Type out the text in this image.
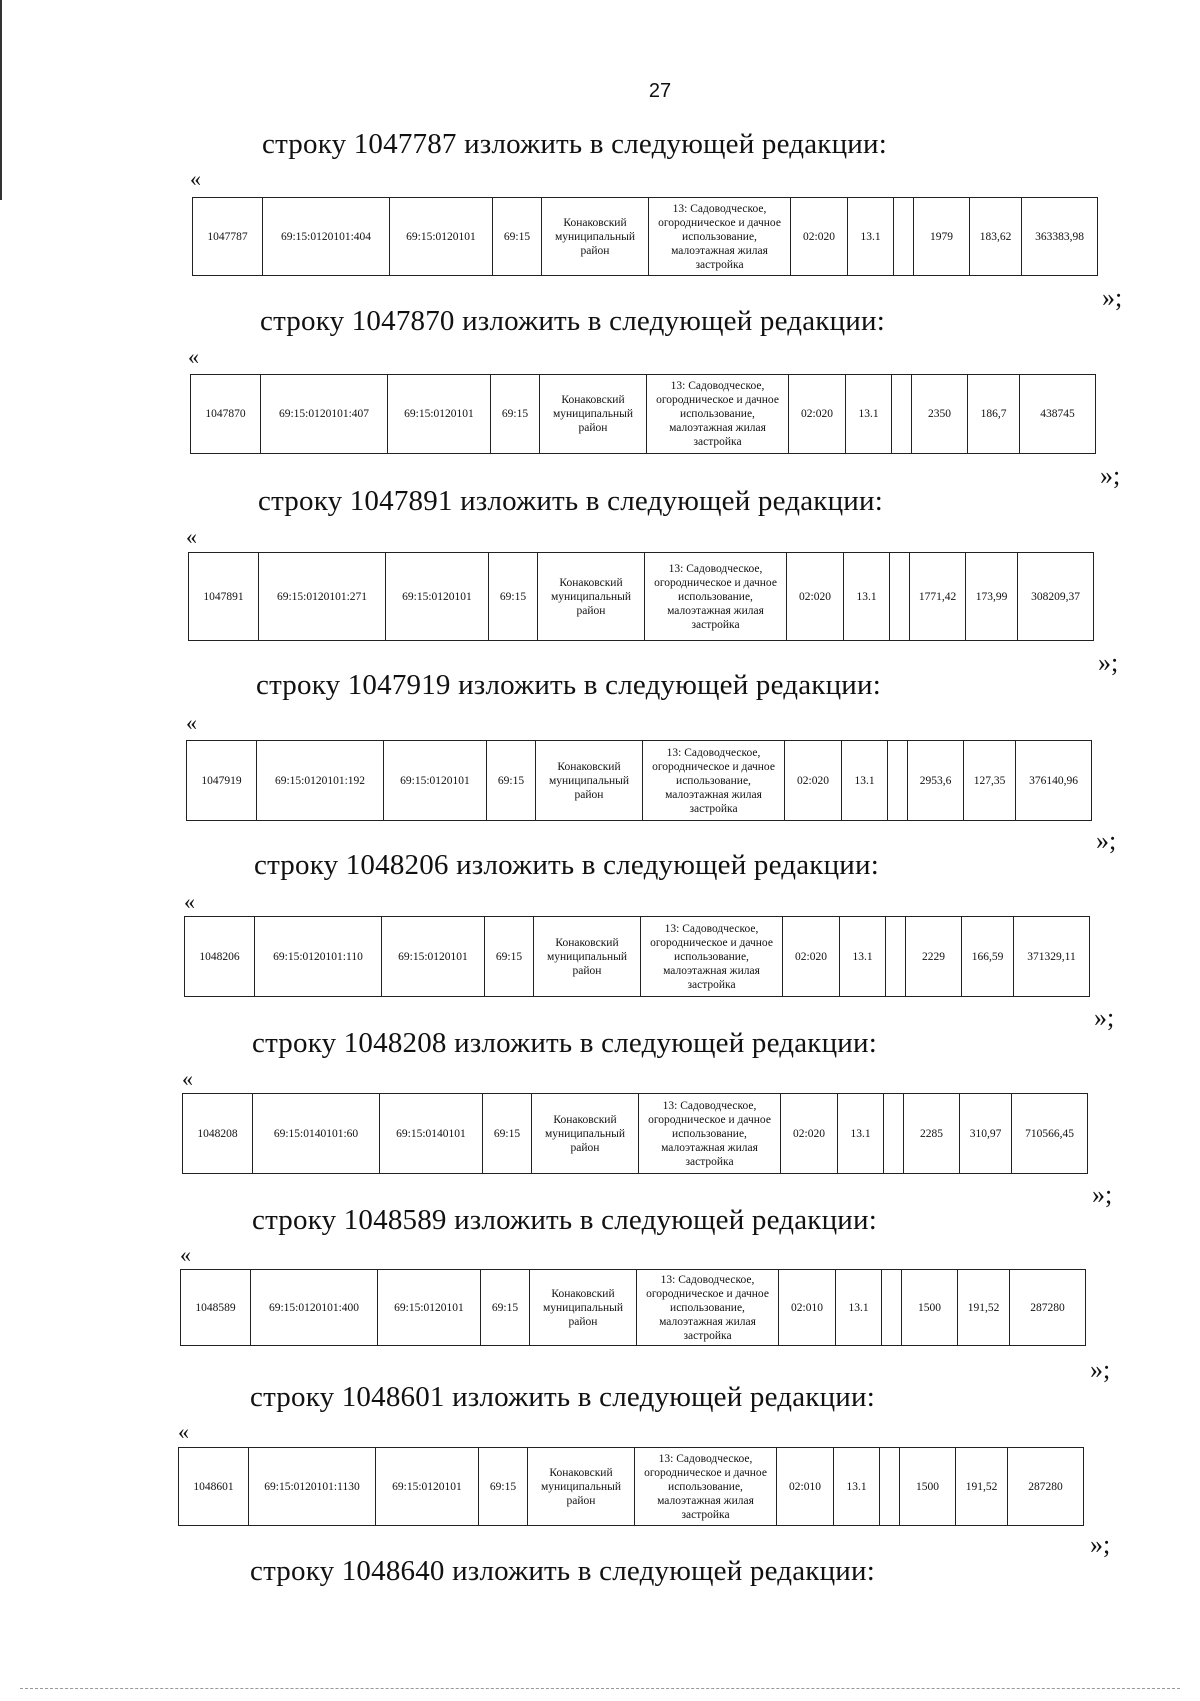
27
строку 1047787 изложить в следующей редакции:
«
1047787	69:15:0120101:404	69:15:0120101	69:15	Конаковский муниципальный район	13: Садоводческое, огородническое и дачное использование, малоэтажная жилая застройка	02:020	13.1		1979	183,62	363383,98
»;
строку 1047870 изложить в следующей редакции:
«
1047870	69:15:0120101:407	69:15:0120101	69:15	Конаковский муниципальный район	13: Садоводческое, огородническое и дачное использование, малоэтажная жилая застройка	02:020	13.1		2350	186,7	438745
»;
строку 1047891 изложить в следующей редакции:
«
1047891	69:15:0120101:271	69:15:0120101	69:15	Конаковский муниципальный район	13: Садоводческое, огородническое и дачное использование, малоэтажная жилая застройка	02:020	13.1		1771,42	173,99	308209,37
»;
строку 1047919 изложить в следующей редакции:
«
1047919	69:15:0120101:192	69:15:0120101	69:15	Конаковский муниципальный район	13: Садоводческое, огородническое и дачное использование, малоэтажная жилая застройка	02:020	13.1		2953,6	127,35	376140,96
»;
строку 1048206 изложить в следующей редакции:
«
1048206	69:15:0120101:110	69:15:0120101	69:15	Конаковский муниципальный район	13: Садоводческое, огородническое и дачное использование, малоэтажная жилая застройка	02:020	13.1		2229	166,59	371329,11
»;
строку 1048208 изложить в следующей редакции:
«
1048208	69:15:0140101:60	69:15:0140101	69:15	Конаковский муниципальный район	13: Садоводческое, огородническое и дачное использование, малоэтажная жилая застройка	02:020	13.1		2285	310,97	710566,45
»;
строку 1048589 изложить в следующей редакции:
«
1048589	69:15:0120101:400	69:15:0120101	69:15	Конаковский муниципальный район	13: Садоводческое, огородническое и дачное использование, малоэтажная жилая застройка	02:010	13.1		1500	191,52	287280
»;
строку 1048601 изложить в следующей редакции:
«
1048601	69:15:0120101:1130	69:15:0120101	69:15	Конаковский муниципальный район	13: Садоводческое, огородническое и дачное использование, малоэтажная жилая застройка	02:010	13.1		1500	191,52	287280
»;
строку 1048640 изложить в следующей редакции:
